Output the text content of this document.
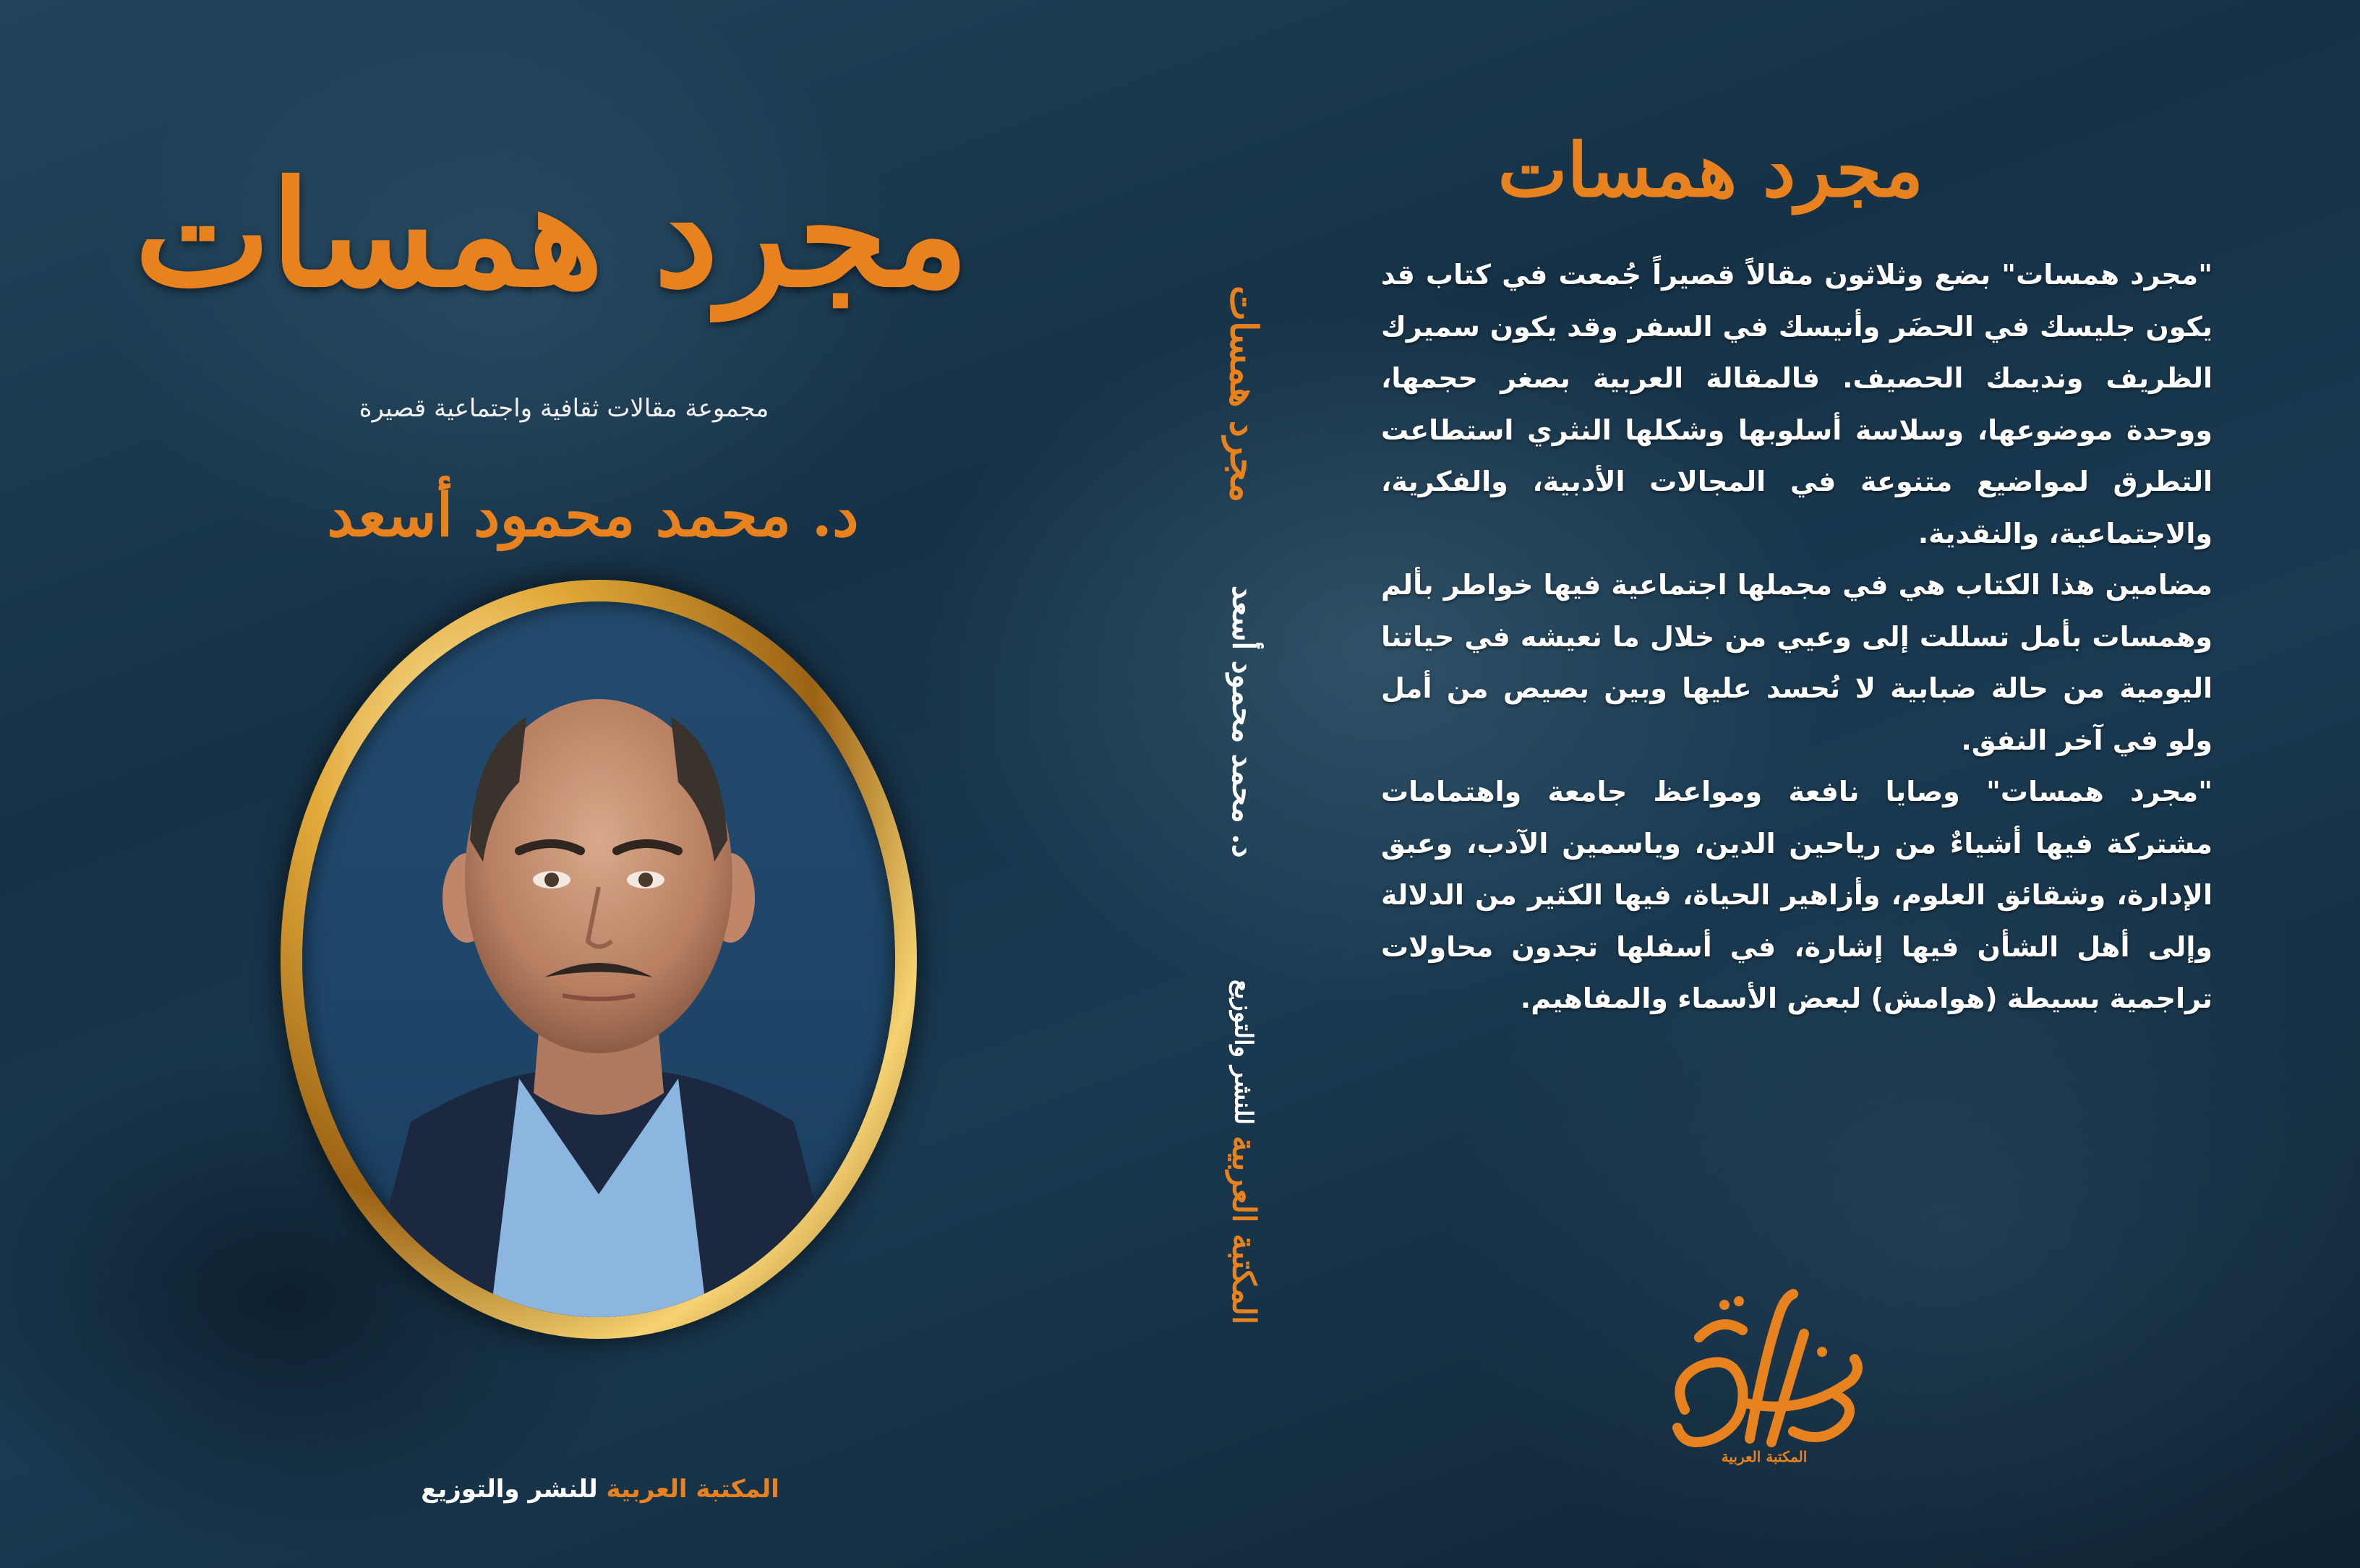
مجرد همسات
مجموعة مقالات ثقافية واجتماعية قصيرة
د. محمد محمود أسعد
المكتبة العربية للنشر والتوزيع
مجرد همسات
د. محمد محمود أسعد
المكتبة العربية للنشر والتوزيع
مجرد همسات

"مجرد همسات" بضع وثلاثون مقالاً قصيراً جُمعت في كتاب قد يكون جليسك في الحضَر وأنيسك في السفر وقد يكون سميرك الظريف ونديمك الحصيف. فالمقالة العربية بصغر حجمها، ووحدة موضوعها، وسلاسة أسلوبها وشكلها النثري استطاعت التطرق لمواضيع متنوعة في المجالات الأدبية، والفكرية، والاجتماعية، والنقدية.

مضامين هذا الكتاب هي في مجملها اجتماعية فيها خواطر بألم وهمسات بأمل تسللت إلى وعيي من خلال ما نعيشه في حياتنا اليومية من حالة ضبابية لا نُحسد عليها وبين بصيص من أمل ولو في آخر النفق.

"مجرد همسات" وصايا نافعة ومواعظ جامعة واهتمامات مشتركة فيها أشياءٌ من رياحين الدين، وياسمين الآدب، وعبق الإدارة، وشقائق العلوم، وأزاهير الحياة، فيها الكثير من الدلالة وإلى أهل الشأن فيها إشارة، في أسفلها تجدون محاولات تراجمية بسيطة (هوامش) لبعض الأسماء والمفاهيم.

المكتبة العربية
